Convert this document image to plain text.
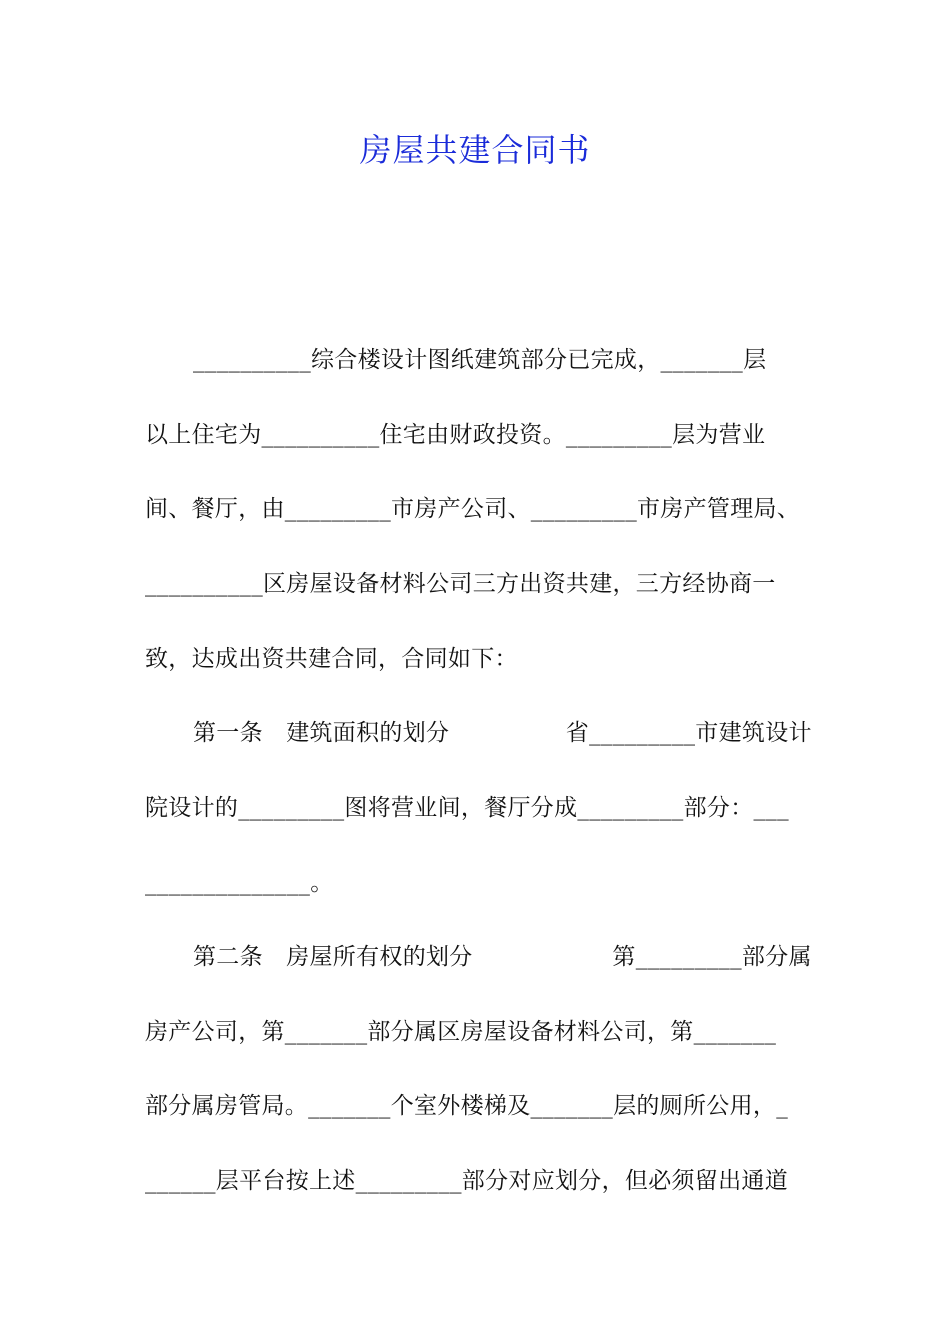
房屋共建合同书
__________综合楼设计图纸建筑部分已完成，_______层
以上住宅为__________住宅由财政投资。_________层为营业
间、餐厅，由_________市房产公司、_________市房产管理局、
__________区房屋设备材料公司三方出资共建，三方经协商一
致，达成出资共建合同，合同如下：
第一条　建筑面积的划分　　　　　省_________市建筑设计
院设计的_________图将营业间，餐厅分成_________部分：___
______________。
第二条　房屋所有权的划分　　　　　　第_________部分属
房产公司，第_______部分属区房屋设备材料公司，第_______
部分属房管局。_______个室外楼梯及_______层的厕所公用，_
______层平台按上述_________部分对应划分，但必须留出通道
